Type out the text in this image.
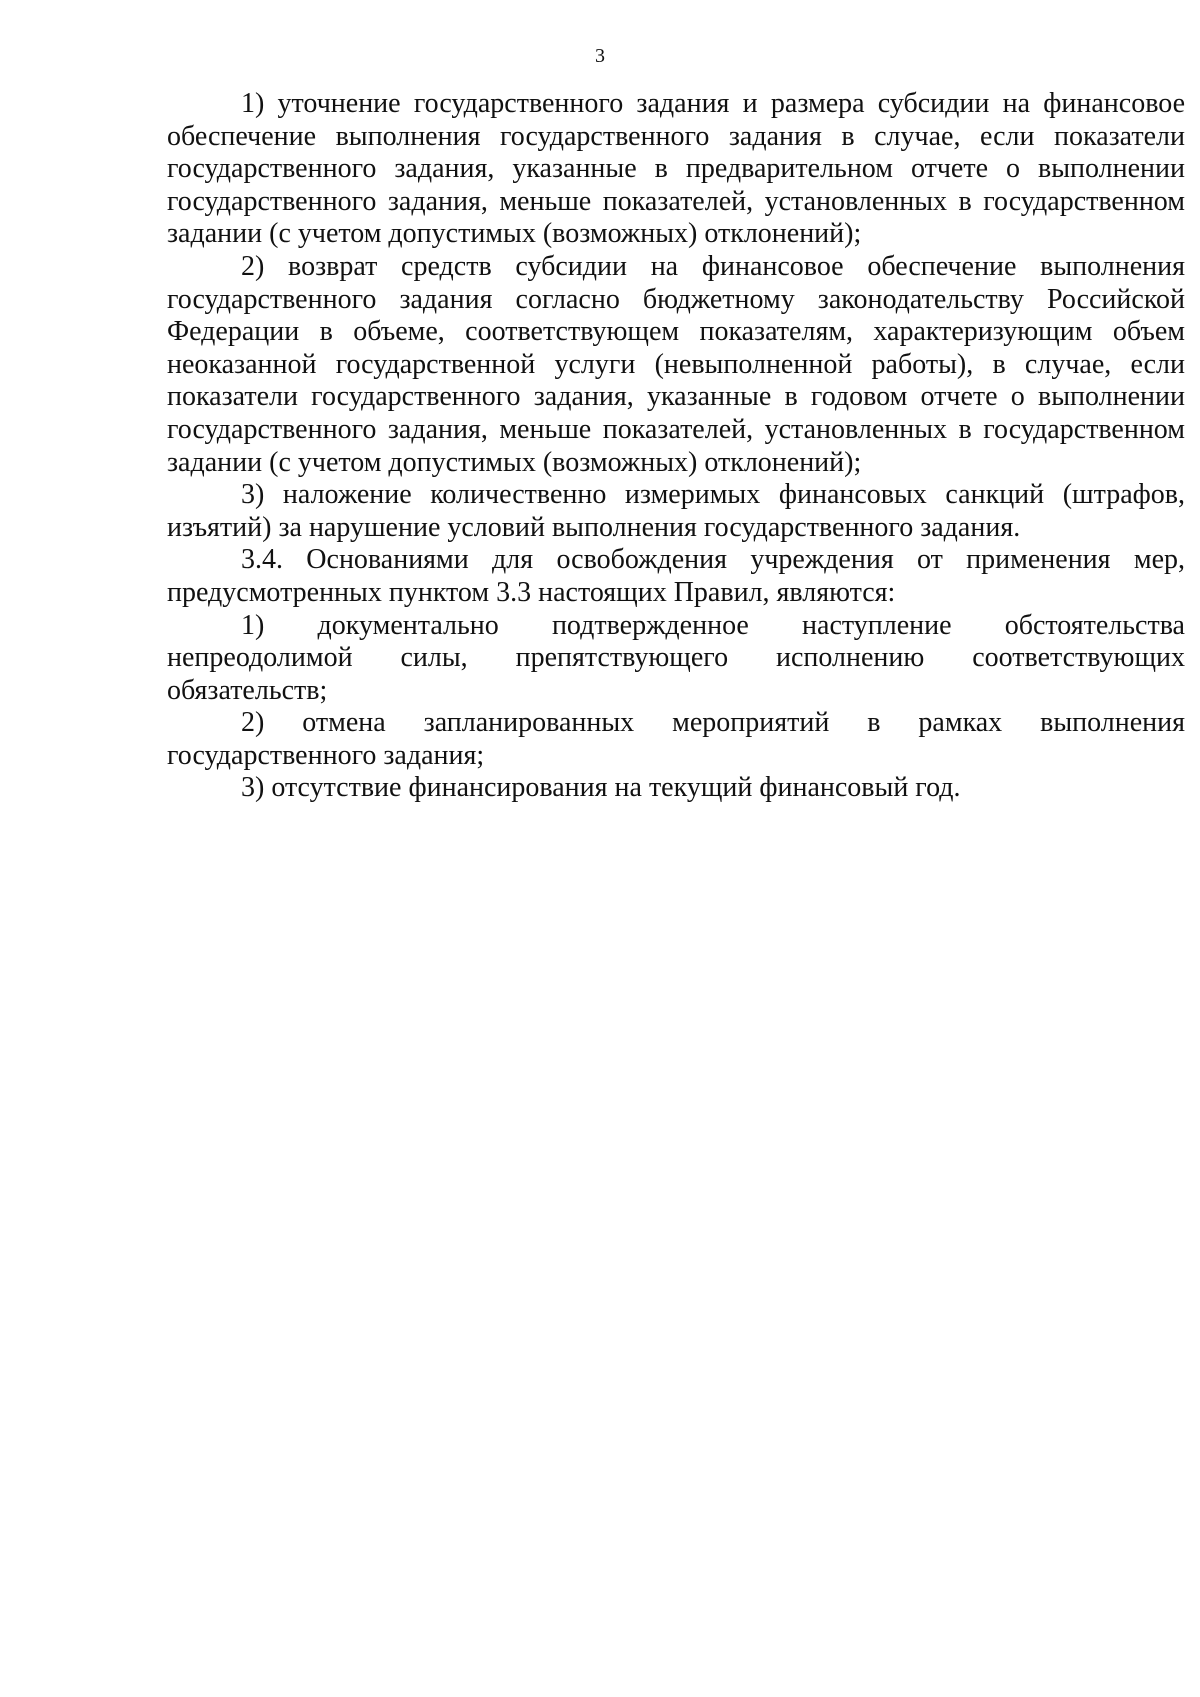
3

1) уточнение государственного задания и размера субсидии на финансовое обеспечение выполнения государственного задания в случае, если показатели государственного задания, указанные в предварительном отчете о выполнении государственного задания, меньше показателей, установленных в государственном задании (с учетом допустимых (возможных) отклонений);

2) возврат средств субсидии на финансовое обеспечение выполнения государственного задания согласно бюджетному законодательству Российской Федерации в объеме, соответствующем показателям, характеризующим объем неоказанной государственной услуги (невыполненной работы), в случае, если показатели государственного задания, указанные в годовом отчете о выполнении государственного задания, меньше показателей, установленных в государственном задании (с учетом допустимых (возможных) отклонений);

3) наложение количественно измеримых финансовых санкций (штрафов, изъятий) за нарушение условий выполнения государственного задания.

3.4. Основаниями для освобождения учреждения от применения мер, предусмотренных пунктом 3.3 настоящих Правил, являются:

1) документально подтвержденное наступление обстоятельства непреодолимой силы, препятствующего исполнению соответствующих обязательств;

2) отмена запланированных мероприятий в рамках выполнения государственного задания;

3) отсутствие финансирования на текущий финансовый год.
